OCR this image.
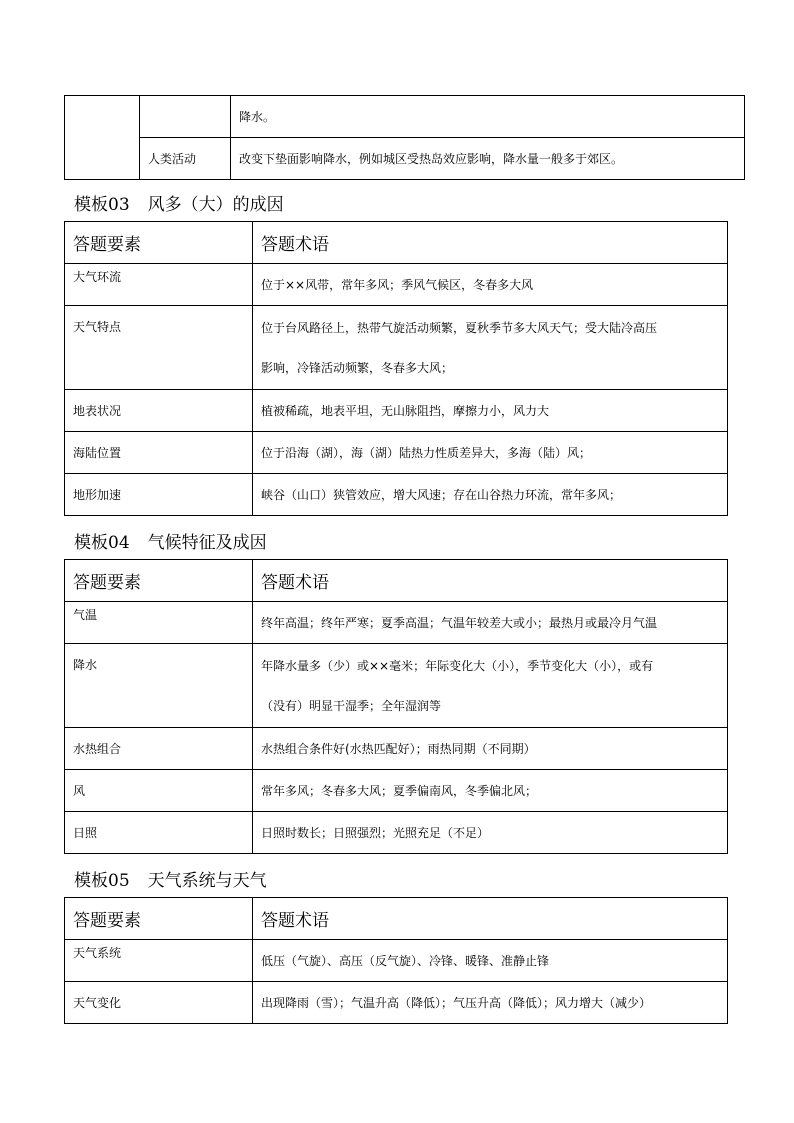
		降水。
	人类活动	改变下垫面影响降水，例如城区受热岛效应影响，降水量一般多于郊区。
模板03 风多（大）的成因
答题要素	答题术语
大气环流	位于××风带，常年多风；季风气候区，冬春多大风
天气特点	位于台风路径上，热带气旋活动频繁，夏秋季节多大风天气；受大陆冷高压
影响，冷锋活动频繁，冬春多大风；

地表状况	植被稀疏，地表平坦，无山脉阻挡，摩擦力小，风力大
海陆位置	位于沿海（湖），海（湖）陆热力性质差异大，多海（陆）风；
地形加速	峡谷（山口）狭管效应，增大风速；存在山谷热力环流，常年多风；
模板04 气候特征及成因
答题要素	答题术语
气温	终年高温；终年严寒；夏季高温；气温年较差大或小；最热月或最冷月气温
降水	年降水量多（少）或××毫米；年际变化大（小），季节变化大（小），或有
（没有）明显干湿季；全年湿润等

水热组合	水热组合条件好(水热匹配好）；雨热同期（不同期）
风	常年多风；冬春多大风；夏季偏南风，冬季偏北风；
日照	日照时数长；日照强烈；光照充足（不足）
模板05 天气系统与天气
答题要素	答题术语
天气系统	低压（气旋）、高压（反气旋）、冷锋、暖锋、准静止锋
天气变化	出现降雨（雪）；气温升高（降低）；气压升高（降低）；风力增大（减少）
